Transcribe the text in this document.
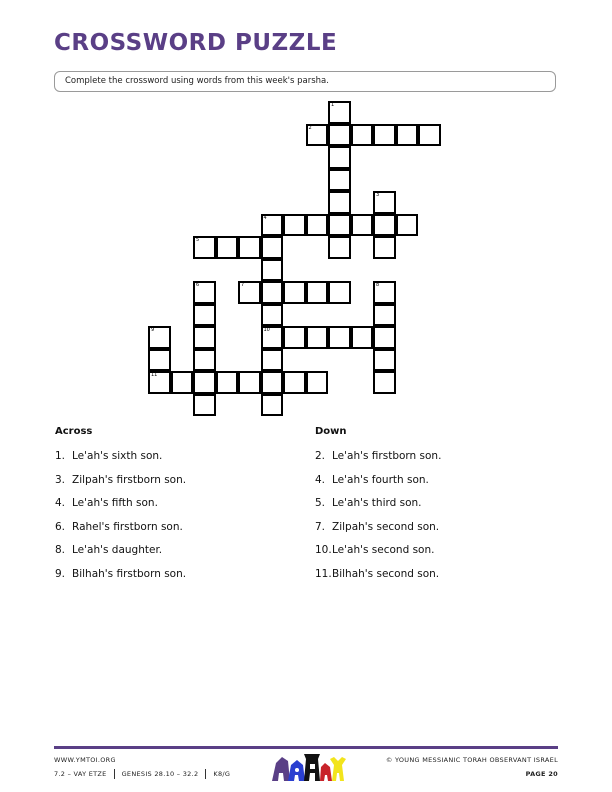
CROSSWORD PUZZLE
Complete the crossword using words from this week's parsha.
1
2
3
4
5
6	7	8
9	10
11
Across
1. Le'ah's sixth son.
3. Zilpah's firstborn son.
4. Le'ah's fifth son.
6. Rahel's firstborn son.
8. Le'ah's daughter.
9. Bilhah's firstborn son.
Down
2. Le'ah's firstborn son.
4. Le'ah's fourth son.
5. Le'ah's third son.
7. Zilpah's second son.
10.Le'ah's second son.
11.Bilhah's second son.
WWW.YMTOI.ORG
7.2 – VAY ETZE GENESIS 28.10 – 32.2 K8/G
© YOUNG MESSIANIC TORAH OBSERVANT ISRAEL
PAGE 20
